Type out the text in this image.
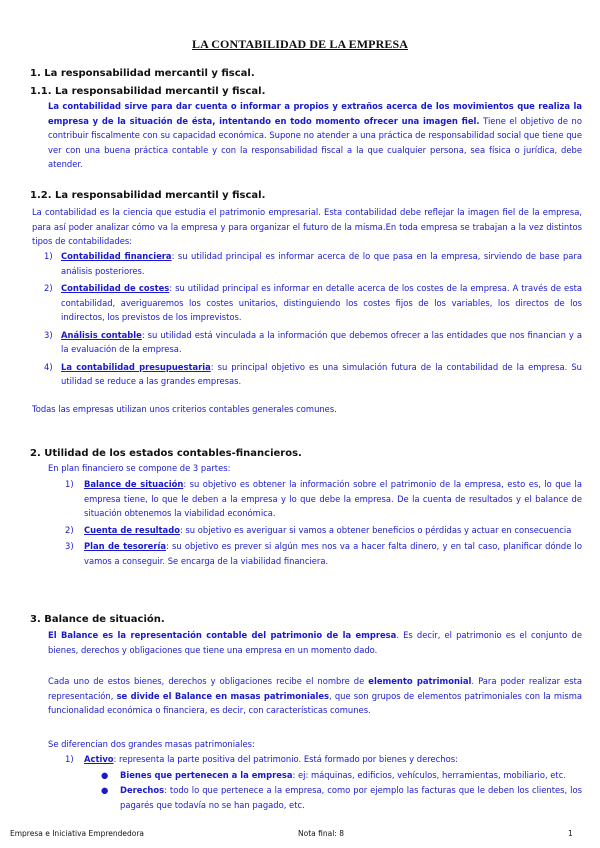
LA CONTABILIDAD DE LA EMPRESA
1. La responsabilidad mercantil y fiscal.
1.1. La responsabilidad mercantil y fiscal.
La contabilidad sirve para dar cuenta o informar a propios y extraños acerca de los movimientos que realiza la empresa y de la situación de ésta, intentando en todo momento ofrecer una imagen fiel. Tiene el objetivo de no contribuir fiscalmente con su capacidad económica. Supone no atender a una práctica de responsabilidad social que tiene que ver con una buena práctica contable y con la responsabilidad fiscal a la que cualquier persona, sea física o jurídica, debe atender.
1.2. La responsabilidad mercantil y fiscal.
La contabilidad es la ciencia que estudia el patrimonio empresarial. Esta contabilidad debe reflejar la imagen fiel de la empresa, para así poder analizar cómo va la empresa y para organizar el futuro de la misma.En toda empresa se trabajan a la vez distintos tipos de contabilidades:
1) Contabilidad financiera: su utilidad principal es informar acerca de lo que pasa en la empresa, sirviendo de base para análisis posteriores.
2) Contabilidad de costes: su utilidad principal es informar en detalle acerca de los costes de la empresa. A través de esta contabilidad, averiguaremos los costes unitarios, distinguiendo los costes fijos de los variables, los directos de los indirectos, los previstos de los imprevistos.
3) Análisis contable: su utilidad está vinculada a la información que debemos ofrecer a las entidades que nos financian y a la evaluación de la empresa.
4) La contabilidad presupuestaria: su principal objetivo es una simulación futura de la contabilidad de la empresa. Su utilidad se reduce a las grandes empresas.
Todas las empresas utilizan unos criterios contables generales comunes.
2. Utilidad de los estados contables-financieros.
En plan financiero se compone de 3 partes:
1) Balance de situación: su objetivo es obtener la información sobre el patrimonio de la empresa, esto es, lo que la empresa tiene, lo que le deben a la empresa y lo que debe la empresa. De la cuenta de resultados y el balance de situación obtenemos la viabilidad económica.
2) Cuenta de resultado: su objetivo es averiguar si vamos a obtener beneficios o pérdidas y actuar en consecuencia
3) Plan de tesorería: su objetivo es prever si algún mes nos va a hacer falta dinero, y en tal caso, planificar dónde lo vamos a conseguir. Se encarga de la viabilidad financiera.
3. Balance de situación.
El Balance es la representación contable del patrimonio de la empresa. Es decir, el patrimonio es el conjunto de bienes, derechos y obligaciones que tiene una empresa en un momento dado.
Cada uno de estos bienes, derechos y obligaciones recibe el nombre de elemento patrimonial. Para poder realizar esta representación, se divide el Balance en masas patrimoniales, que son grupos de elementos patrimoniales con la misma funcionalidad económica o financiera, es decir, con características comunes.
Se diferencian dos grandes masas patrimoniales:
1) Activo: representa la parte positiva del patrimonio. Está formado por bienes y derechos:
● Bienes que pertenecen a la empresa: ej: máquinas, edificios, vehículos, herramientas, mobiliario, etc.
● Derechos: todo lo que pertenece a la empresa, como por ejemplo las facturas que le deben los clientes, los pagarés que todavía no se han pagado, etc.
Empresa e Iniciativa Emprendedora	Nota final: 8	1
